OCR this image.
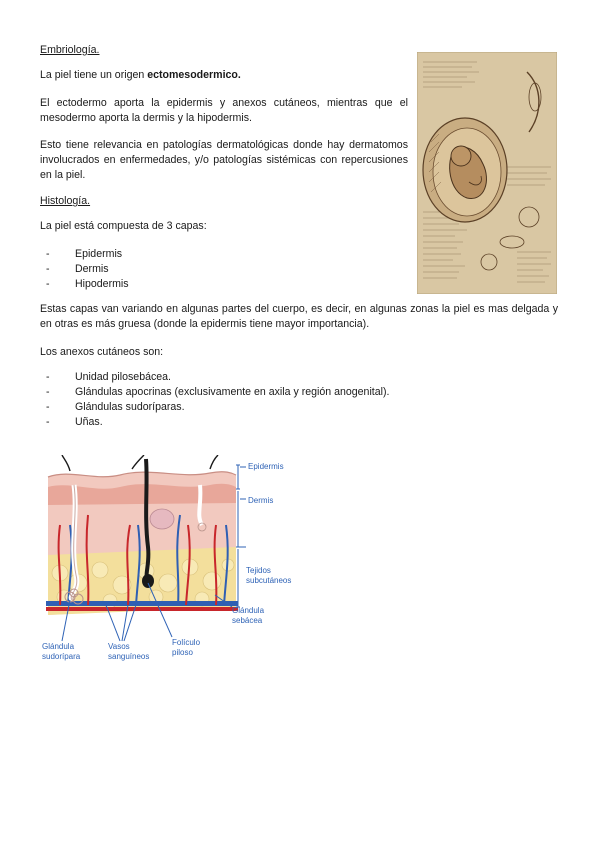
Embriología.
La piel tiene un origen ectomesodermico.
El ectodermo aporta la epidermis y anexos cutáneos, mientras que el mesodermo aporta la dermis y la hipodermis.
Esto tiene relevancia en patologías dermatológicas donde hay dermatomos involucrados en enfermedades, y/o patologías sistémicas con repercusiones en la piel.
Histología.
La piel está compuesta de 3 capas:
- Epidermis
- Dermis
- Hipodermis
Estas capas van variando en algunas partes del cuerpo, es decir, en algunas zonas la piel es mas delgada y en otras es más gruesa (donde la epidermis tiene mayor importancia).
Los anexos cutáneos son:
- Unidad pilosebácea.
- Glándulas apocrinas (exclusivamente en axila y región anogenital).
- Glándulas sudoríparas.
- Uñas.
Epidermis
Dermis
Tejidos
subcutáneos
Glándula
sebácea
Glándula
sudorípara
Vasos
sanguíneos
Folículo
piloso
